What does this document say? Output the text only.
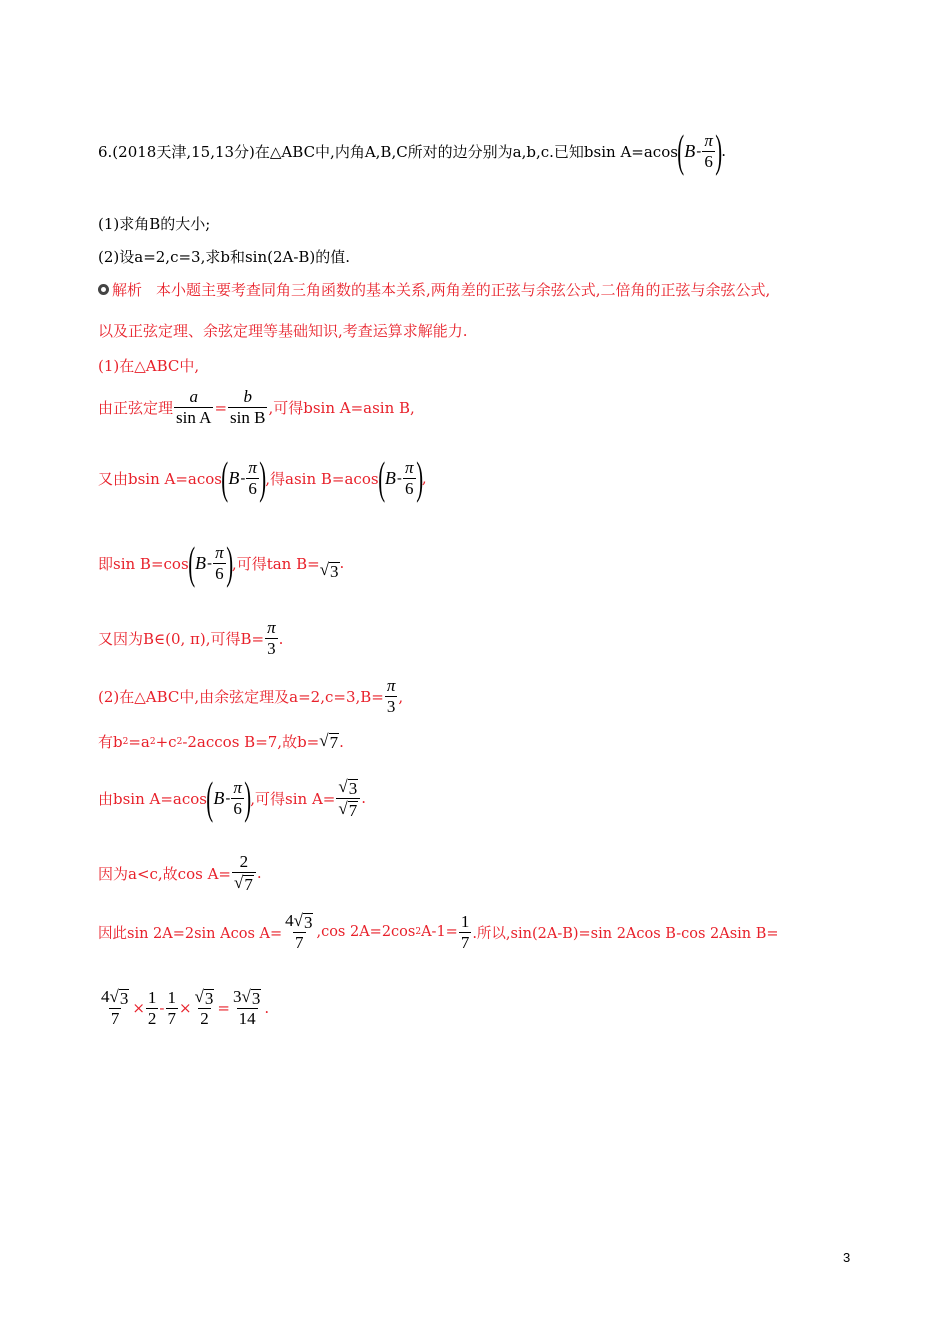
6.(2018天津,15,13分)在△ABC中,内角A,B,C所对的边分别为a,b,c.已知bsin A=acos ( B - $\frac{\pi}{6}$ ) .
(1)求角B的大小;
(2)设a=2,c=3,求b和sin(2A-B)的值.
解析 本小题主要考查同角三角函数的基本关系,两角差的正弦与余弦公式,二倍角的正弦与余弦公式,
以及正弦定理、余弦定理等基础知识,考查运算求解能力.
(1)在△ABC中,
由正弦定理 $\frac{a}{\text{sin A}} = \frac{b}{\text{sin B}}$ ,可得bsin A=asin B,
又由bsin A=acos ( B - $\frac{\pi}{6}$ ) ,得asin B=acos ( B - $\frac{\pi}{6}$ ) ,
即sin B=cos ( B - $\frac{\pi}{6}$ ) ,可得tan B= √ 3 .
又因为B∈(0, π),可得$B= \frac{\pi}{3}$ .
(2)在△ABC中,由余弦定理及$a=2,c=3,B= \frac{\pi}{3}$ ,
有b 2 =a 2 +c 2 -2accos B=7,故b= √ 7 .
由bsin A=acos ( B - $\frac{\pi}{6}$ ) ,可得$\sin A= \frac{√ 3}{√ 7}$ .
因为a<c,故$\cos A= \frac{2}{√ 7}$ .
因此sin 2A=2sin Acos $A= \frac{4 √ 3}{7} ,\cos$ 2A=2cos 2 $A-1= \frac{1}{7}$ .所以,sin(2A-B)=sin 2Acos B-cos 2Asin B=
$\frac{4 √ 3}{7} \times \frac{1}{2} - \frac{1}{7} \times \frac{√ 3}{2} = \frac{3 √ 3}{14}$ .
3
